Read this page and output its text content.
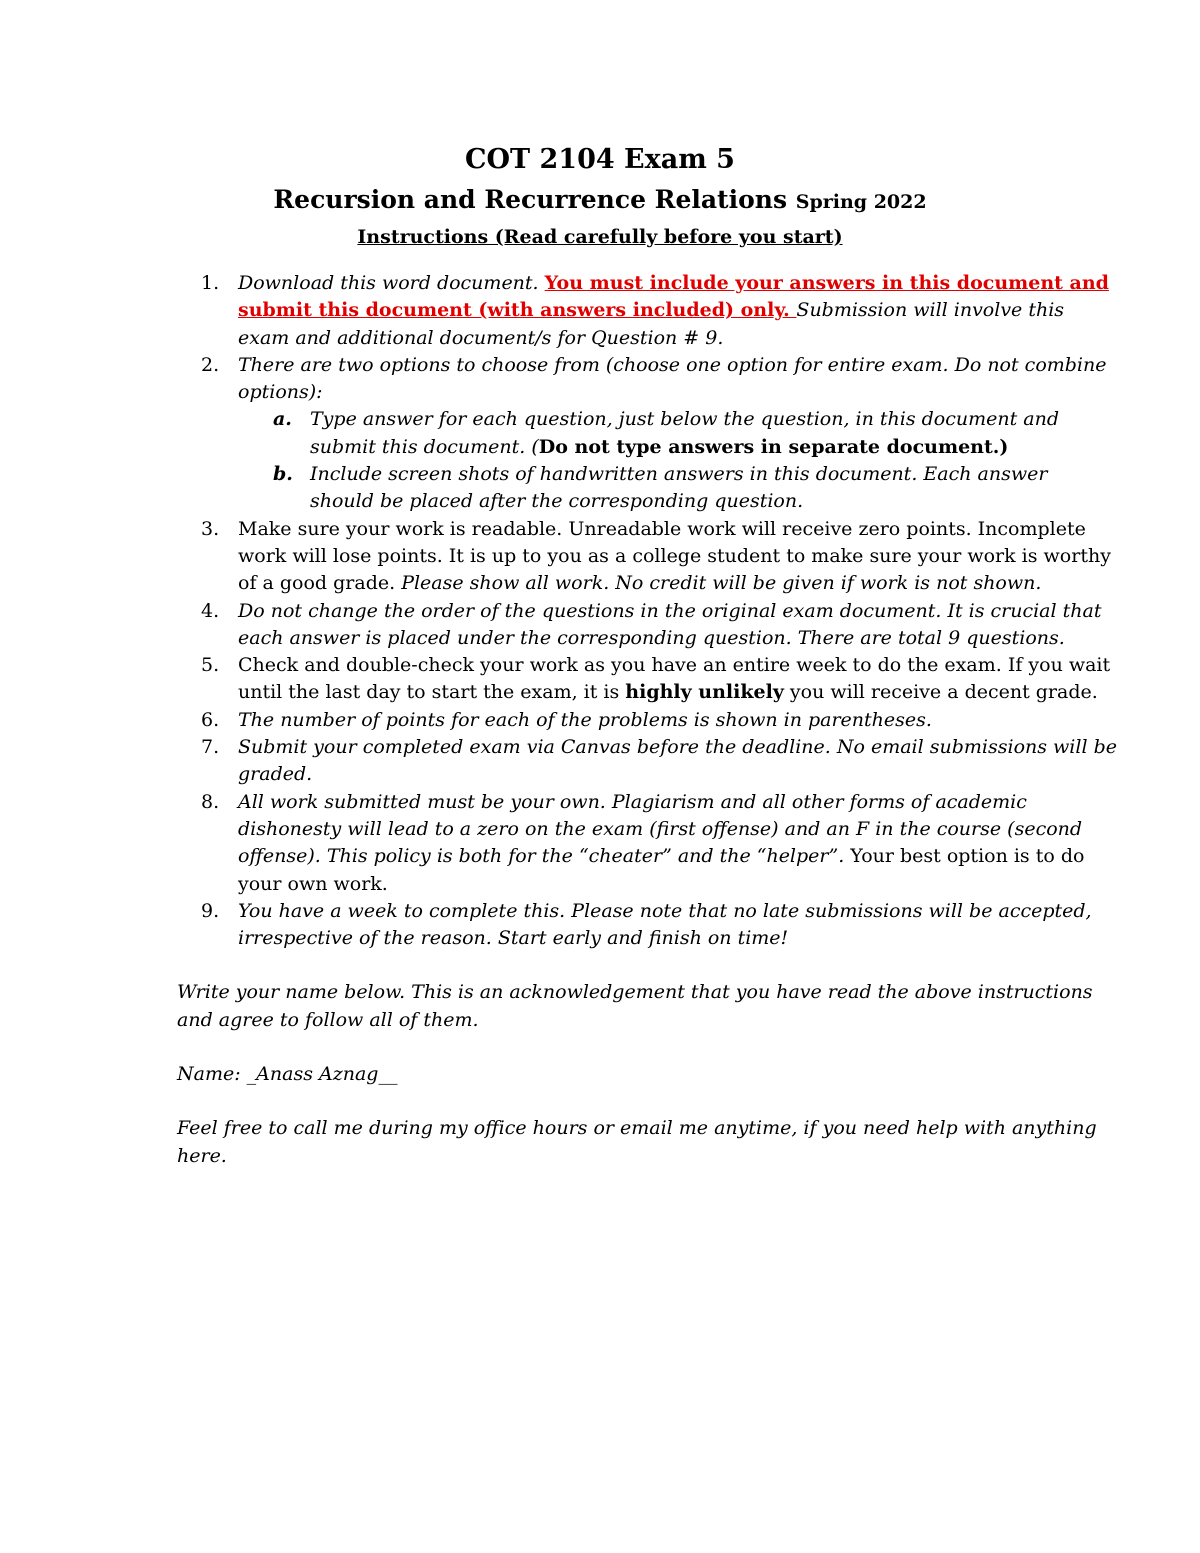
COT 2104 Exam 5
Recursion and Recurrence Relations Spring 2022
Instructions (Read carefully before you start)
1. Download this word document. You must include your answers in this document and submit this document (with answers included) only. Submission will involve this exam and additional document/s for Question # 9.
2. There are two options to choose from (choose one option for entire exam. Do not combine options):
a. Type answer for each question, just below the question, in this document and submit this document. (Do not type answers in separate document.)
b. Include screen shots of handwritten answers in this document. Each answer should be placed after the corresponding question.
3. Make sure your work is readable. Unreadable work will receive zero points. Incomplete work will lose points. It is up to you as a college student to make sure your work is worthy of a good grade. Please show all work. No credit will be given if work is not shown.
4. Do not change the order of the questions in the original exam document. It is crucial that each answer is placed under the corresponding question. There are total 9 questions.
5. Check and double-check your work as you have an entire week to do the exam. If you wait until the last day to start the exam, it is highly unlikely you will receive a decent grade.
6. The number of points for each of the problems is shown in parentheses.
7. Submit your completed exam via Canvas before the deadline. No email submissions will be graded.
8. All work submitted must be your own. Plagiarism and all other forms of academic dishonesty will lead to a zero on the exam (first offense) and an F in the course (second offense). This policy is both for the “cheater” and the “helper”. Your best option is to do your own work.
9. You have a week to complete this. Please note that no late submissions will be accepted, irrespective of the reason. Start early and finish on time!
Write your name below. This is an acknowledgement that you have read the above instructions and agree to follow all of them.
Name: _Anass Aznag__
Feel free to call me during my office hours or email me anytime, if you need help with anything here.
